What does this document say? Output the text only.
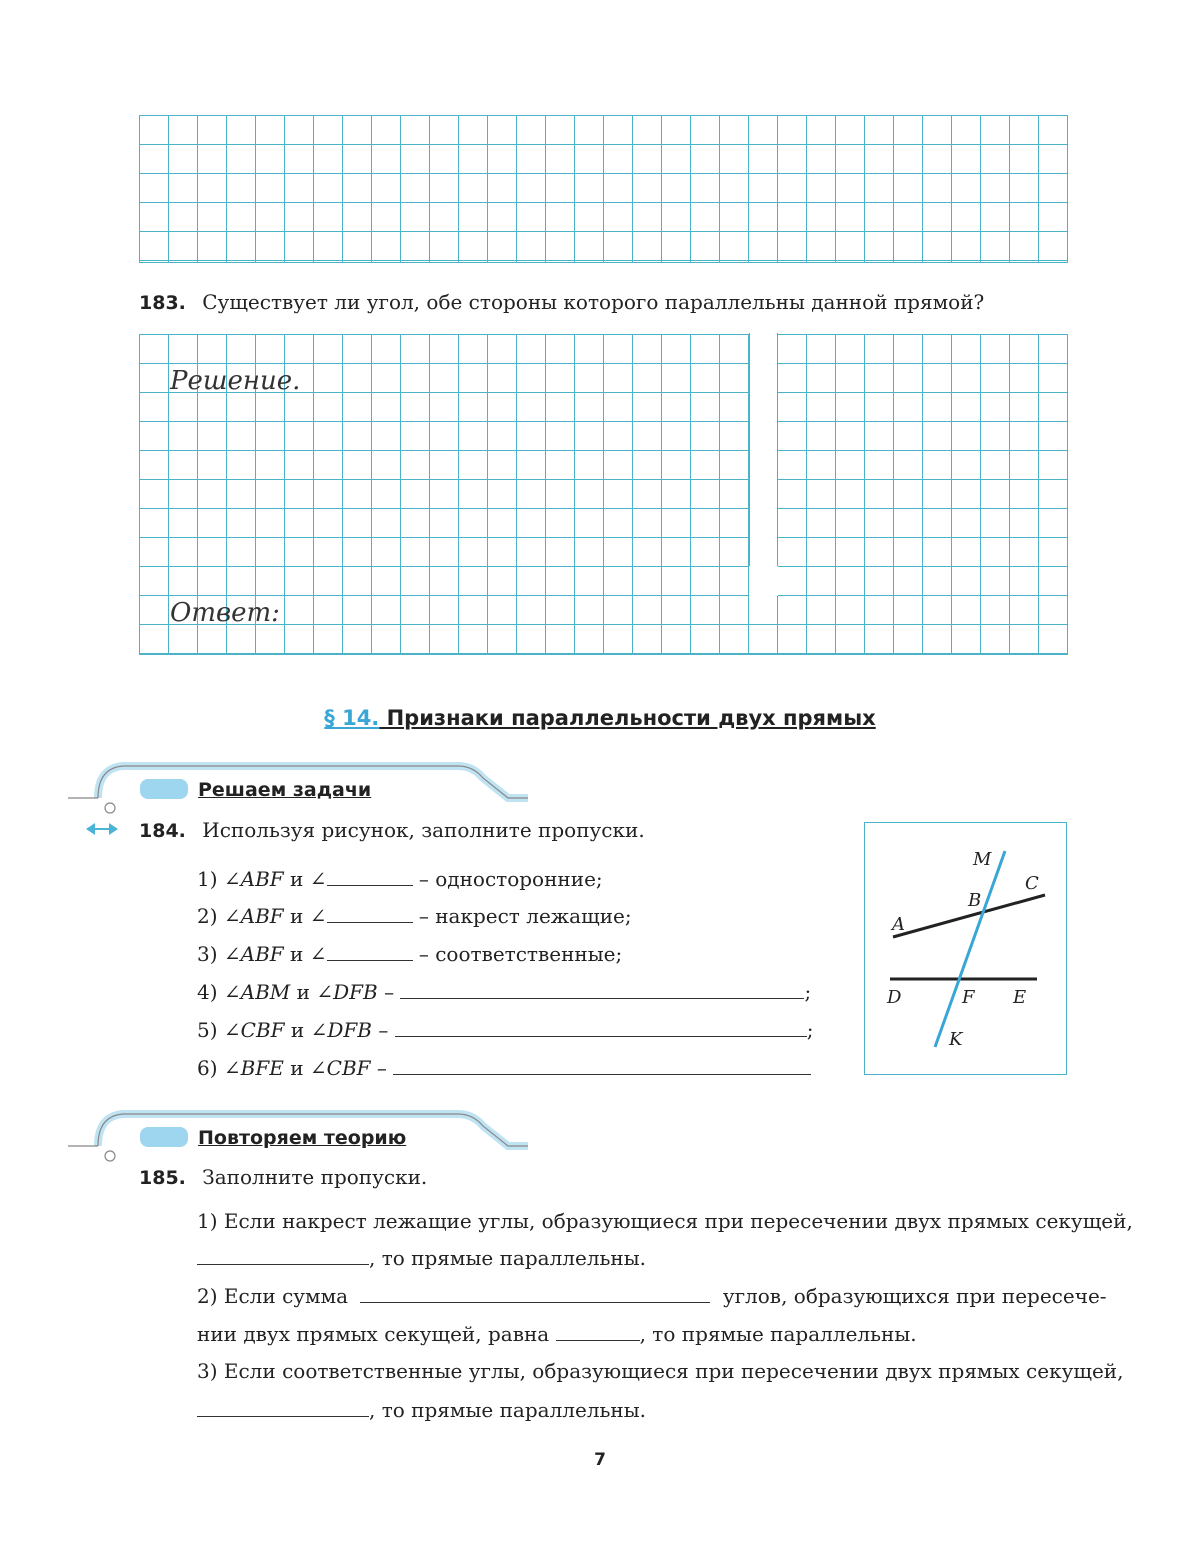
183. Существует ли угол, обе стороны которого параллельны данной прямой?
Решение.
Ответ:
§ 14. Признаки параллельности двух прямых
Решаем задачи
184. Используя рисунок, заполните пропуски.
1) ∠ABF и ∠	– односторонние;
2) ∠ABF и ∠	– накрест лежащие;
3) ∠ABF и ∠	– соответственные;
4) ∠ABM и ∠DFB –	;
5) ∠CBF и ∠DFB –	;
6) ∠BFE и ∠CBF –
M
C
B
A
D	F E
K
Повторяем теорию
185. Заполните пропуски.
1) Если накрест лежащие углы, образующиеся при пересечении двух прямых секущей,
, то прямые параллельны.
2) Если сумма	углов, образующихся при пересече-
нии двух прямых секущей, равна	, то прямые параллельны.
3) Если соответственные углы, образующиеся при пересечении двух прямых секущей,
, то прямые параллельны.
7
